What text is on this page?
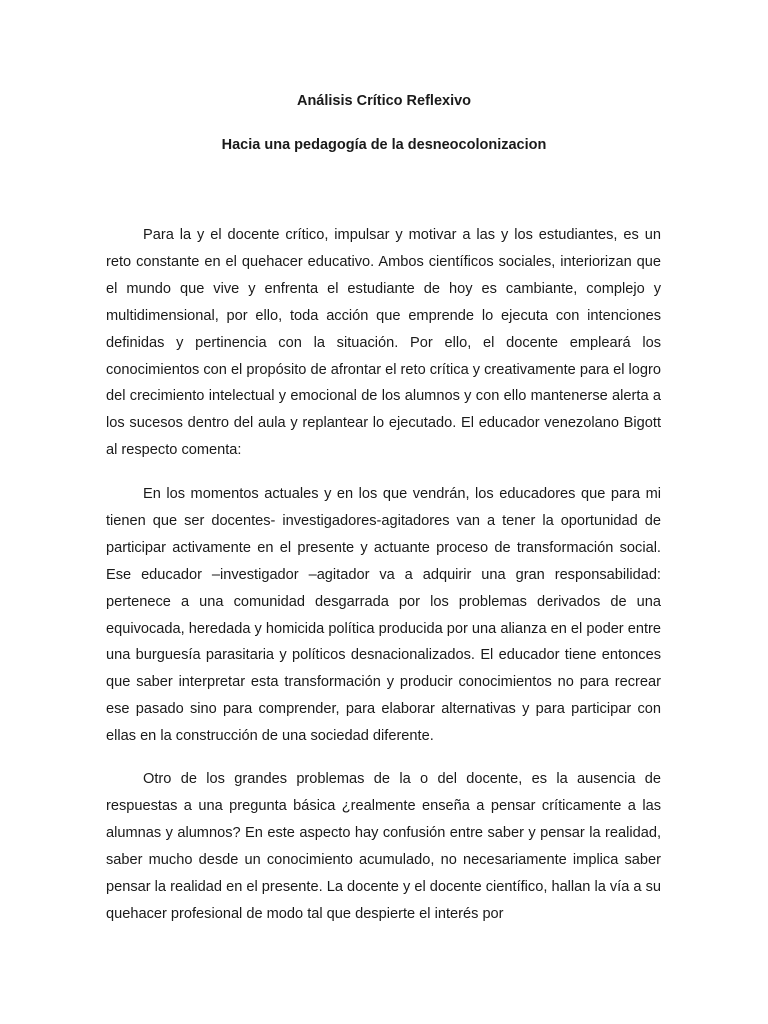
Análisis Crítico Reflexivo
Hacia una pedagogía de la desneocolonizacion

Para la y el docente crítico, impulsar y motivar a las y los estudiantes, es un reto constante en el quehacer educativo. Ambos científicos sociales, interiorizan que el mundo que vive y enfrenta el estudiante de hoy es cambiante, complejo y multidimensional, por ello, toda acción que emprende lo ejecuta con intenciones definidas y pertinencia con la situación. Por ello, el docente empleará los conocimientos con el propósito de afrontar el reto crítica y creativamente para el logro del crecimiento intelectual y emocional de los alumnos y con ello mantenerse alerta a los sucesos dentro del aula y replantear lo ejecutado. El educador venezolano Bigott al respecto comenta:

En los momentos actuales y en los que vendrán, los educadores que para mi tienen que ser docentes- investigadores-agitadores van a tener la oportunidad de participar activamente en el presente y actuante proceso de transformación social. Ese educador –investigador –agitador va a adquirir una gran responsabilidad: pertenece a una comunidad desgarrada por los problemas derivados de una equivocada, heredada y homicida política producida por una alianza en el poder entre una burguesía parasitaria y políticos desnacionalizados. El educador tiene entonces que saber interpretar esta transformación y producir conocimientos no para recrear ese pasado sino para comprender, para elaborar alternativas y para participar con ellas en la construcción de una sociedad diferente.

Otro de los grandes problemas de la o del docente, es la ausencia de respuestas a una pregunta básica ¿realmente enseña a pensar críticamente a las alumnas y alumnos? En este aspecto hay confusión entre saber y pensar la realidad, saber mucho desde un conocimiento acumulado, no necesariamente implica saber pensar la realidad en el presente. La docente y el docente científico, hallan la vía a su quehacer profesional de modo tal que despierte el interés por
